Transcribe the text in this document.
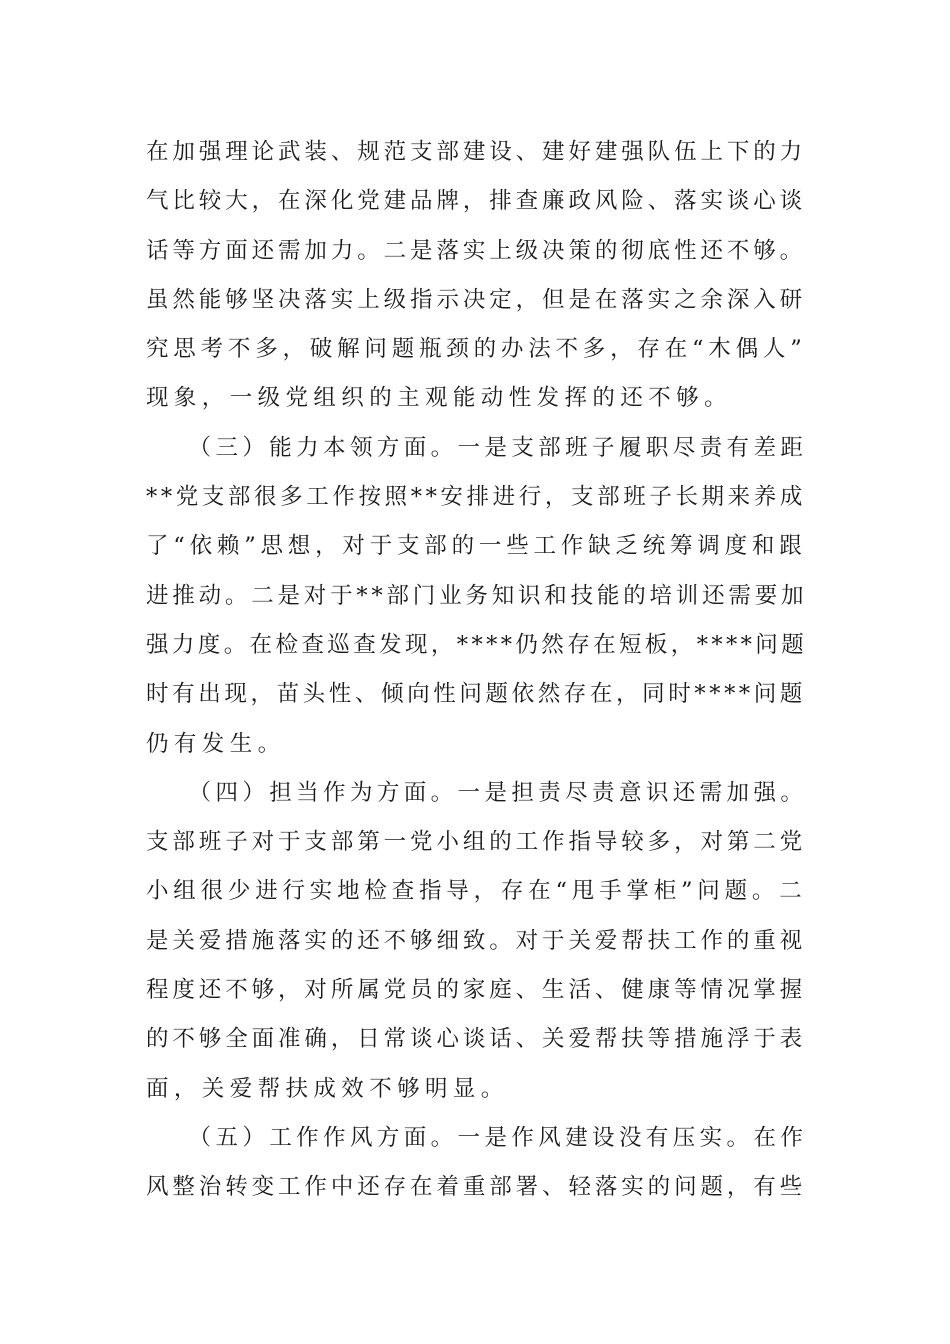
在加强理论武装、规范支部建设、建好建强队伍上下的力
气比较大，在深化党建品牌，排查廉政风险、落实谈心谈
话等方面还需加力。二是落实上级决策的彻底性还不够。
虽然能够坚决落实上级指示决定，但是在落实之余深入研
究思考不多，破解问题瓶颈的办法不多，存在“木偶人”
现象，一级党组织的主观能动性发挥的还不够。
　　（三）能力本领方面。一是支部班子履职尽责有差距
**党支部很多工作按照**安排进行，支部班子长期来养成
了“依赖”思想，对于支部的一些工作缺乏统筹调度和跟
进推动。二是对于**部门业务知识和技能的培训还需要加
强力度。在检查巡查发现，****仍然存在短板，****问题
时有出现，苗头性、倾向性问题依然存在，同时****问题
仍有发生。
　　（四）担当作为方面。一是担责尽责意识还需加强。
支部班子对于支部第一党小组的工作指导较多，对第二党
小组很少进行实地检查指导，存在“甩手掌柜”问题。二
是关爱措施落实的还不够细致。对于关爱帮扶工作的重视
程度还不够，对所属党员的家庭、生活、健康等情况掌握
的不够全面准确，日常谈心谈话、关爱帮扶等措施浮于表
面，关爱帮扶成效不够明显。
　　（五）工作作风方面。一是作风建设没有压实。在作
风整治转变工作中还存在着重部署、轻落实的问题，有些
